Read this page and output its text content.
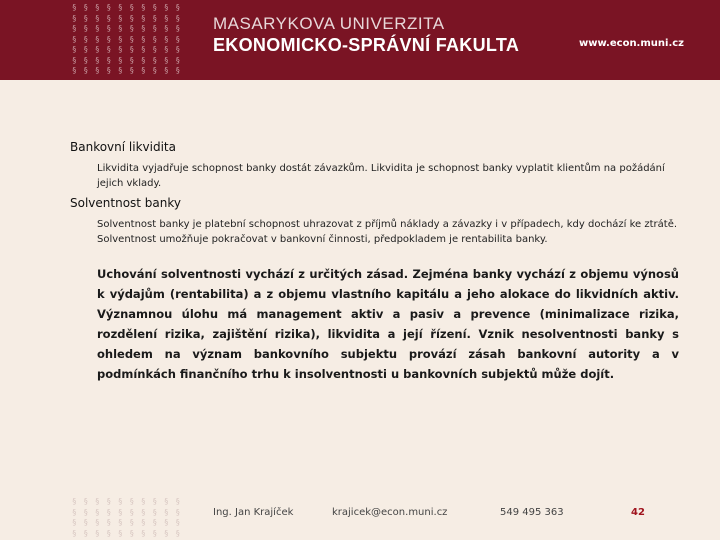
§ § § § § § § § § §
§ § § § § § § § § §
§ § § § § § § § § §
§ § § § § § § § § §
§ § § § § § § § § §
§ § § § § § § § § §
§ § § § § § § § § §
MASARYKOVA UNIVERZITA
EKONOMICKO-SPRÁVNÍ FAKULTA	www.econ.muni.cz
Bankovní likvidita
Likvidita vyjadřuje schopnost banky dostát závazkům. Likvidita je schopnost banky vyplatit klientům na požádání jejich vklady.
Solventnost banky
Solventnost banky je platební schopnost uhrazovat z příjmů náklady a závazky i v případech, kdy dochází ke ztrátě. Solventnost umožňuje pokračovat v bankovní činnosti, předpokladem je rentabilita banky.
Uchování solventnosti vychází z určitých zásad. Zejména banky vychází z objemu výnosů k výdajům (rentabilita) a z objemu vlastního kapitálu a jeho alokace do likvidních aktiv. Významnou úlohu má management aktiv a pasiv a prevence (minimalizace rizika, rozdělení rizika, zajištění rizika), likvidita a její řízení. Vznik nesolventnosti banky s ohledem na význam bankovního subjektu provází zásah bankovní autority a v podmínkách finančního trhu k insolventnosti u bankovních subjektů může dojít.
§ § § § § § § § § §
§ § § § § § § § § §
§ § § § § § § § § §
§ § § § § § § § § §
Ing. Jan Krajíček	krajicek@econ.muni.cz	549 495 363	42
